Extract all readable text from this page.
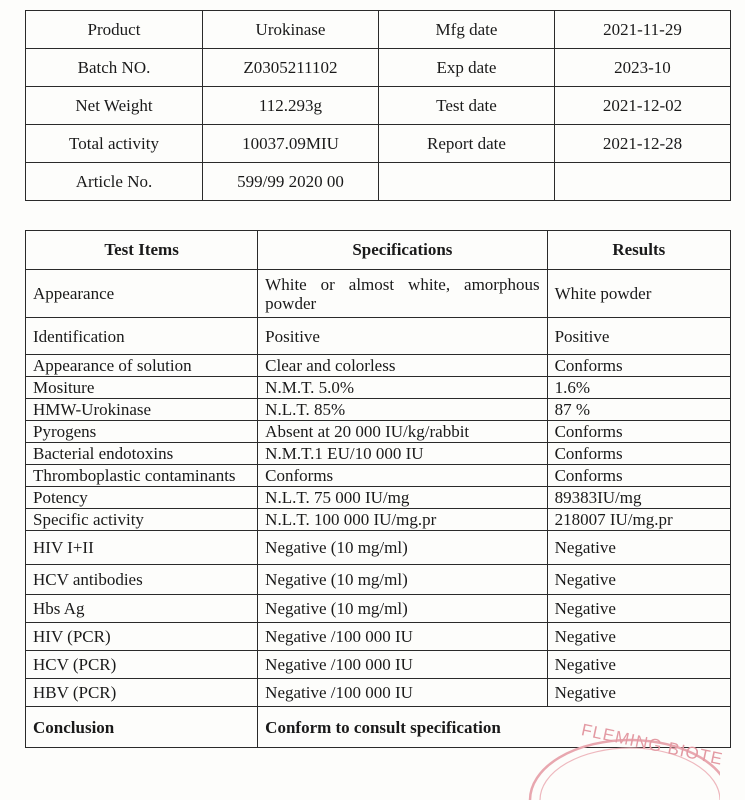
Product	Urokinase	Mfg date	2021-11-29
Batch NO.	Z0305211102	Exp date	2023-10
Net Weight	112.293g	Test date	2021-12-02
Total activity	10037.09MIU	Report date	2021-12-28
Article No.	599/99 2020 00		
Test Items	Specifications	Results
Appearance	White or almost white, amorphous powder	White powder
Identification	Positive	Positive
Appearance of solution	Clear and colorless	Conforms
Mositure	N.M.T. 5.0%	1.6%
HMW-Urokinase	N.L.T. 85%	87 %
Pyrogens	Absent at 20 000 IU/kg/rabbit	Conforms
Bacterial endotoxins	N.M.T.1 EU/10 000 IU	Conforms
Thromboplastic contaminants	Conforms	Conforms
Potency	N.L.T. 75 000 IU/mg	89383IU/mg
Specific activity	N.L.T. 100 000 IU/mg.pr	218007 IU/mg.pr
HIV I+II	Negative (10 mg/ml)	Negative
HCV antibodies	Negative (10 mg/ml)	Negative
Hbs Ag	Negative (10 mg/ml)	Negative
HIV (PCR)	Negative /100 000 IU	Negative
HCV (PCR)	Negative /100 000 IU	Negative
HBV (PCR)	Negative /100 000 IU	Negative
Conclusion	Conform to consult specification		FLEMING BIOTE
